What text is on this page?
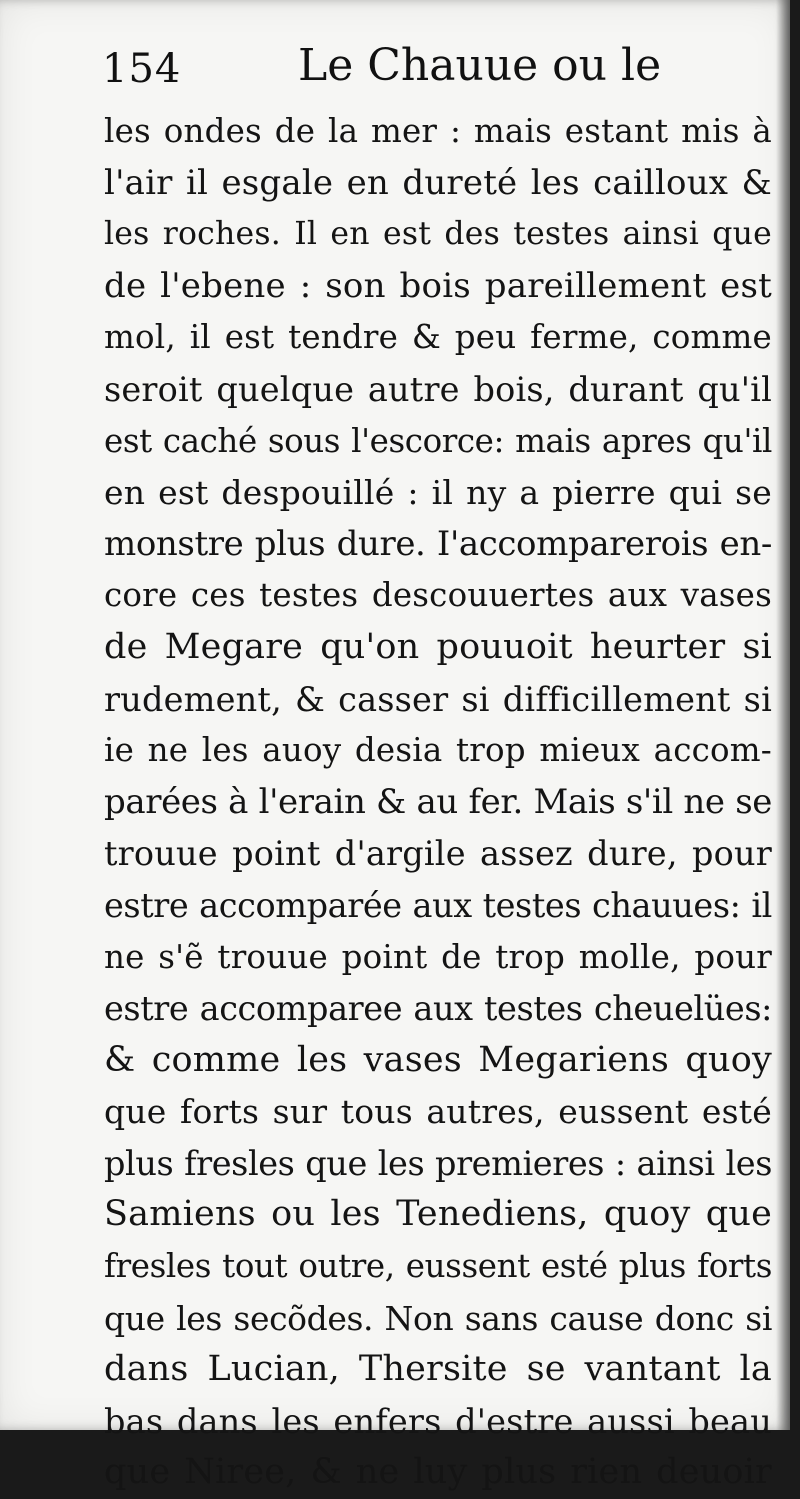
154	Le Chauue ou le
les ondes de la mer : mais estant mis à
l'air il esgale en dureté les cailloux &
les roches. Il en est des testes ainsi que
de l'ebene : son bois pareillement est
mol, il est tendre & peu ferme, comme
seroit quelque autre bois, durant qu'il
est caché sous l'escorce: mais apres qu'il
en est despouillé : il ny a pierre qui se
monstre plus dure. I'accomparerois en-
core ces testes descouuertes aux vases
de Megare qu'on pouuoit heurter si
rudement, & casser si difficillement si
ie ne les auoy desia trop mieux accom-
parées à l'erain & au fer. Mais s'il ne se
trouue point d'argile assez dure, pour
estre accomparée aux testes chauues: il
ne s'ẽ trouue point de trop molle, pour
estre accomparee aux testes cheuelües:
& comme les vases Megariens quoy
que forts sur tous autres, eussent esté
plus fresles que les premieres : ainsi les
Samiens ou les Tenediens, quoy que
fresles tout outre, eussent esté plus forts
que les secõdes. Non sans cause donc si
dans Lucian, Thersite se vantant la
bas dans les enfers d'estre aussi beau
que Niree, & ne luy plus rien deuoir
